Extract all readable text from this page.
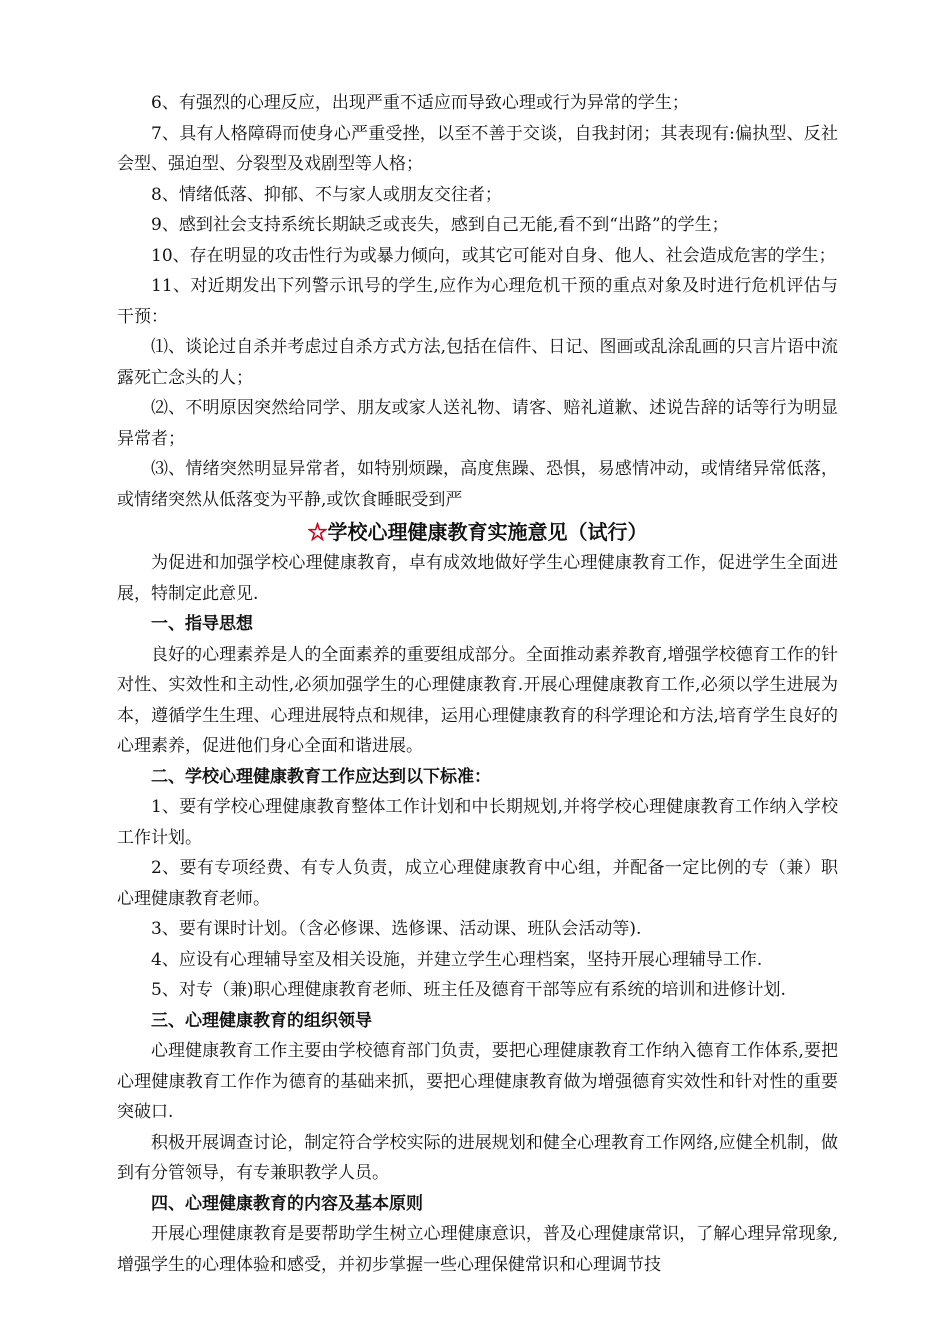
6、有强烈的心理反应，出现严重不适应而导致心理或行为异常的学生；

7、具有人格障碍而使身心严重受挫，以至不善于交谈，自我封闭；其表现有:偏执型、反社会型、强迫型、分裂型及戏剧型等人格；

8、情绪低落、抑郁、不与家人或朋友交往者；

9、感到社会支持系统长期缺乏或丧失，感到自己无能,看不到“出路”的学生；

10、存在明显的攻击性行为或暴力倾向，或其它可能对自身、他人、社会造成危害的学生；

11、对近期发出下列警示讯号的学生,应作为心理危机干预的重点对象及时进行危机评估与干预：

⑴、谈论过自杀并考虑过自杀方式方法,包括在信件、日记、图画或乱涂乱画的只言片语中流露死亡念头的人；

⑵、不明原因突然给同学、朋友或家人送礼物、请客、赔礼道歉、述说告辞的话等行为明显异常者；

⑶、情绪突然明显异常者，如特别烦躁，高度焦躁、恐惧，易感情冲动，或情绪异常低落，或情绪突然从低落变为平静,或饮食睡眠受到严

☆学校心理健康教育实施意见（试行）

为促进和加强学校心理健康教育，卓有成效地做好学生心理健康教育工作，促进学生全面进展，特制定此意见.

一、指导思想

良好的心理素养是人的全面素养的重要组成部分。全面推动素养教育,增强学校德育工作的针对性、实效性和主动性,必须加强学生的心理健康教育.开展心理健康教育工作,必须以学生进展为本，遵循学生生理、心理进展特点和规律，运用心理健康教育的科学理论和方法,培育学生良好的心理素养，促进他们身心全面和谐进展。

二、学校心理健康教育工作应达到以下标准：

1、要有学校心理健康教育整体工作计划和中长期规划,并将学校心理健康教育工作纳入学校工作计划。

2、要有专项经费、有专人负责，成立心理健康教育中心组，并配备一定比例的专（兼）职心理健康教育老师。

3、要有课时计划。（含必修课、选修课、活动课、班队会活动等).

4、应设有心理辅导室及相关设施，并建立学生心理档案，坚持开展心理辅导工作.

5、对专（兼)职心理健康教育老师、班主任及德育干部等应有系统的培训和进修计划.

三、心理健康教育的组织领导

心理健康教育工作主要由学校德育部门负责，要把心理健康教育工作纳入德育工作体系,要把心理健康教育工作作为德育的基础来抓，要把心理健康教育做为增强德育实效性和针对性的重要突破口.

积极开展调查讨论，制定符合学校实际的进展规划和健全心理教育工作网络,应健全机制，做到有分管领导，有专兼职教学人员。

四、心理健康教育的内容及基本原则

开展心理健康教育是要帮助学生树立心理健康意识，普及心理健康常识，了解心理异常现象,增强学生的心理体验和感受，并初步掌握一些心理保健常识和心理调节技
